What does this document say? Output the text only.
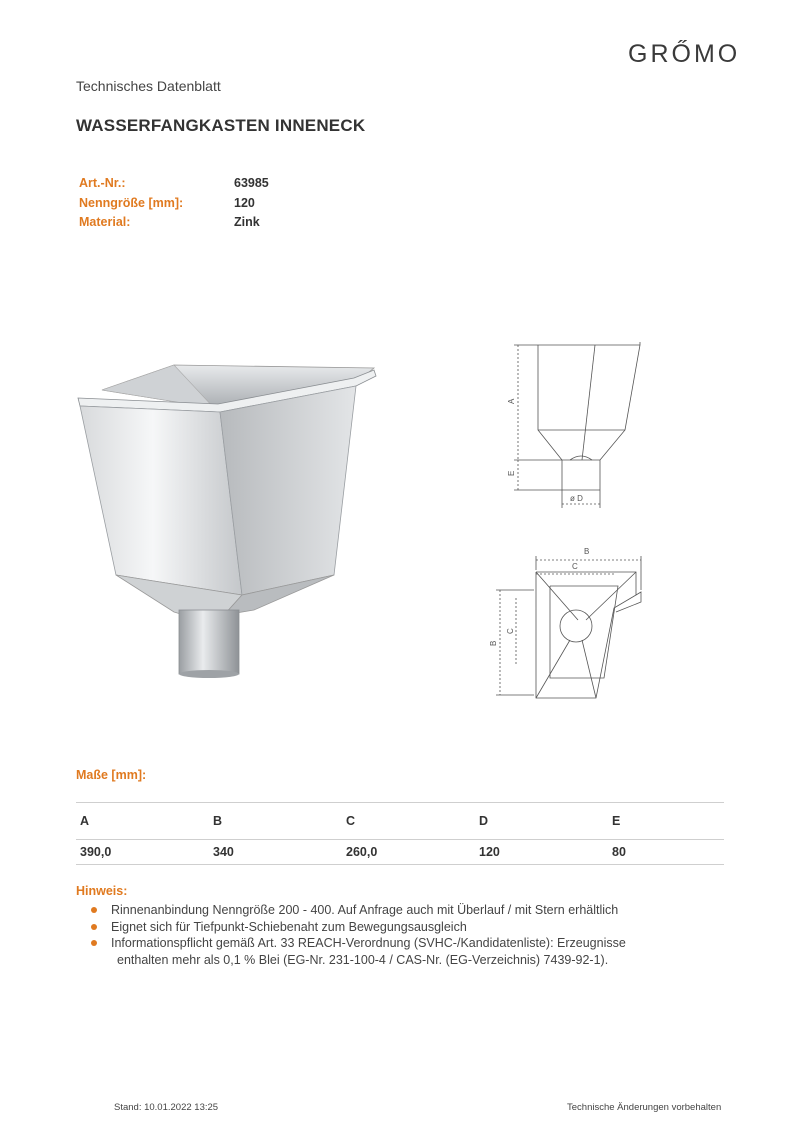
GRŐMO
Technisches Datenblatt
WASSERFANGKASTEN INNENECK
Art.-Nr.:	63985
Nenngröße [mm]:	120
Material:	Zink
A
E
ø D
B
C
B
C
Maße [mm]:
A	B	C	D	E
390,0	340	260,0	120	80
Hinweis:
Rinnenanbindung Nenngröße 200 - 400. Auf Anfrage auch mit Überlauf / mit Stern erhältlich
Eignet sich für Tiefpunkt-Schiebenaht zum Bewegungsausgleich
Informationspflicht gemäß Art. 33 REACH-Verordnung (SVHC-/Kandidatenliste): Erzeugnisse
enthalten mehr als 0,1 % Blei (EG-Nr. 231-100-4 / CAS-Nr. (EG-Verzeichnis) 7439-92-1).
Stand: 10.01.2022 13:25	Technische Änderungen vorbehalten
